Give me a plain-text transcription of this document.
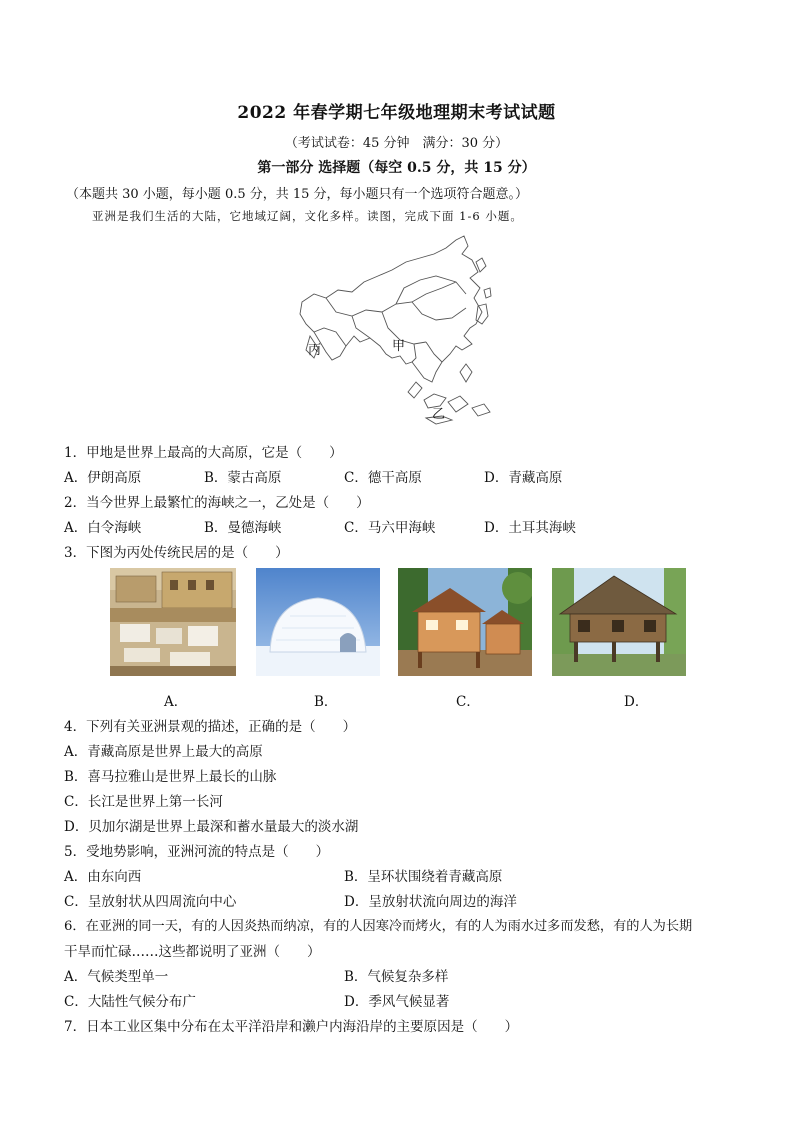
2022 年春学期七年级地理期末考试试题
（考试试卷：45 分钟　满分：30 分）
第一部分 选择题（每空 0.5 分，共 15 分）
（本题共 30 小题，每小题 0.5 分，共 15 分，每小题只有一个选项符合题意。）
亚洲是我们生活的大陆，它地域辽阔，文化多样。读图，完成下面 1-6 小题。
丙	甲
乙
1．甲地是世界上最高的大高原，它是（　　）
A．伊朗高原	B．蒙古高原	C．德干高原	D．青藏高原
2．当今世界上最繁忙的海峡之一，乙处是（　　）
A．白令海峡	B．曼德海峡	C．马六甲海峡	D．土耳其海峡
3．下图为丙处传统民居的是（　　）
A．	B．	C．	D．
4．下列有关亚洲景观的描述，正确的是（　　）
A．青藏高原是世界上最大的高原
B．喜马拉雅山是世界上最长的山脉
C．长江是世界上第一长河
D．贝加尔湖是世界上最深和蓄水量最大的淡水湖
5．受地势影响，亚洲河流的特点是（　　）
A．由东向西	B．呈环状围绕着青藏高原
C．呈放射状从四周流向中心	D．呈放射状流向周边的海洋
6．在亚洲的同一天，有的人因炎热而纳凉，有的人因寒冷而烤火，有的人为雨水过多而发愁，有的人为长期
干旱而忙碌……这些都说明了亚洲（　　）
A．气候类型单一	B．气候复杂多样
C．大陆性气候分布广	D．季风气候显著
7．日本工业区集中分布在太平洋沿岸和濑户内海沿岸的主要原因是（　　）
